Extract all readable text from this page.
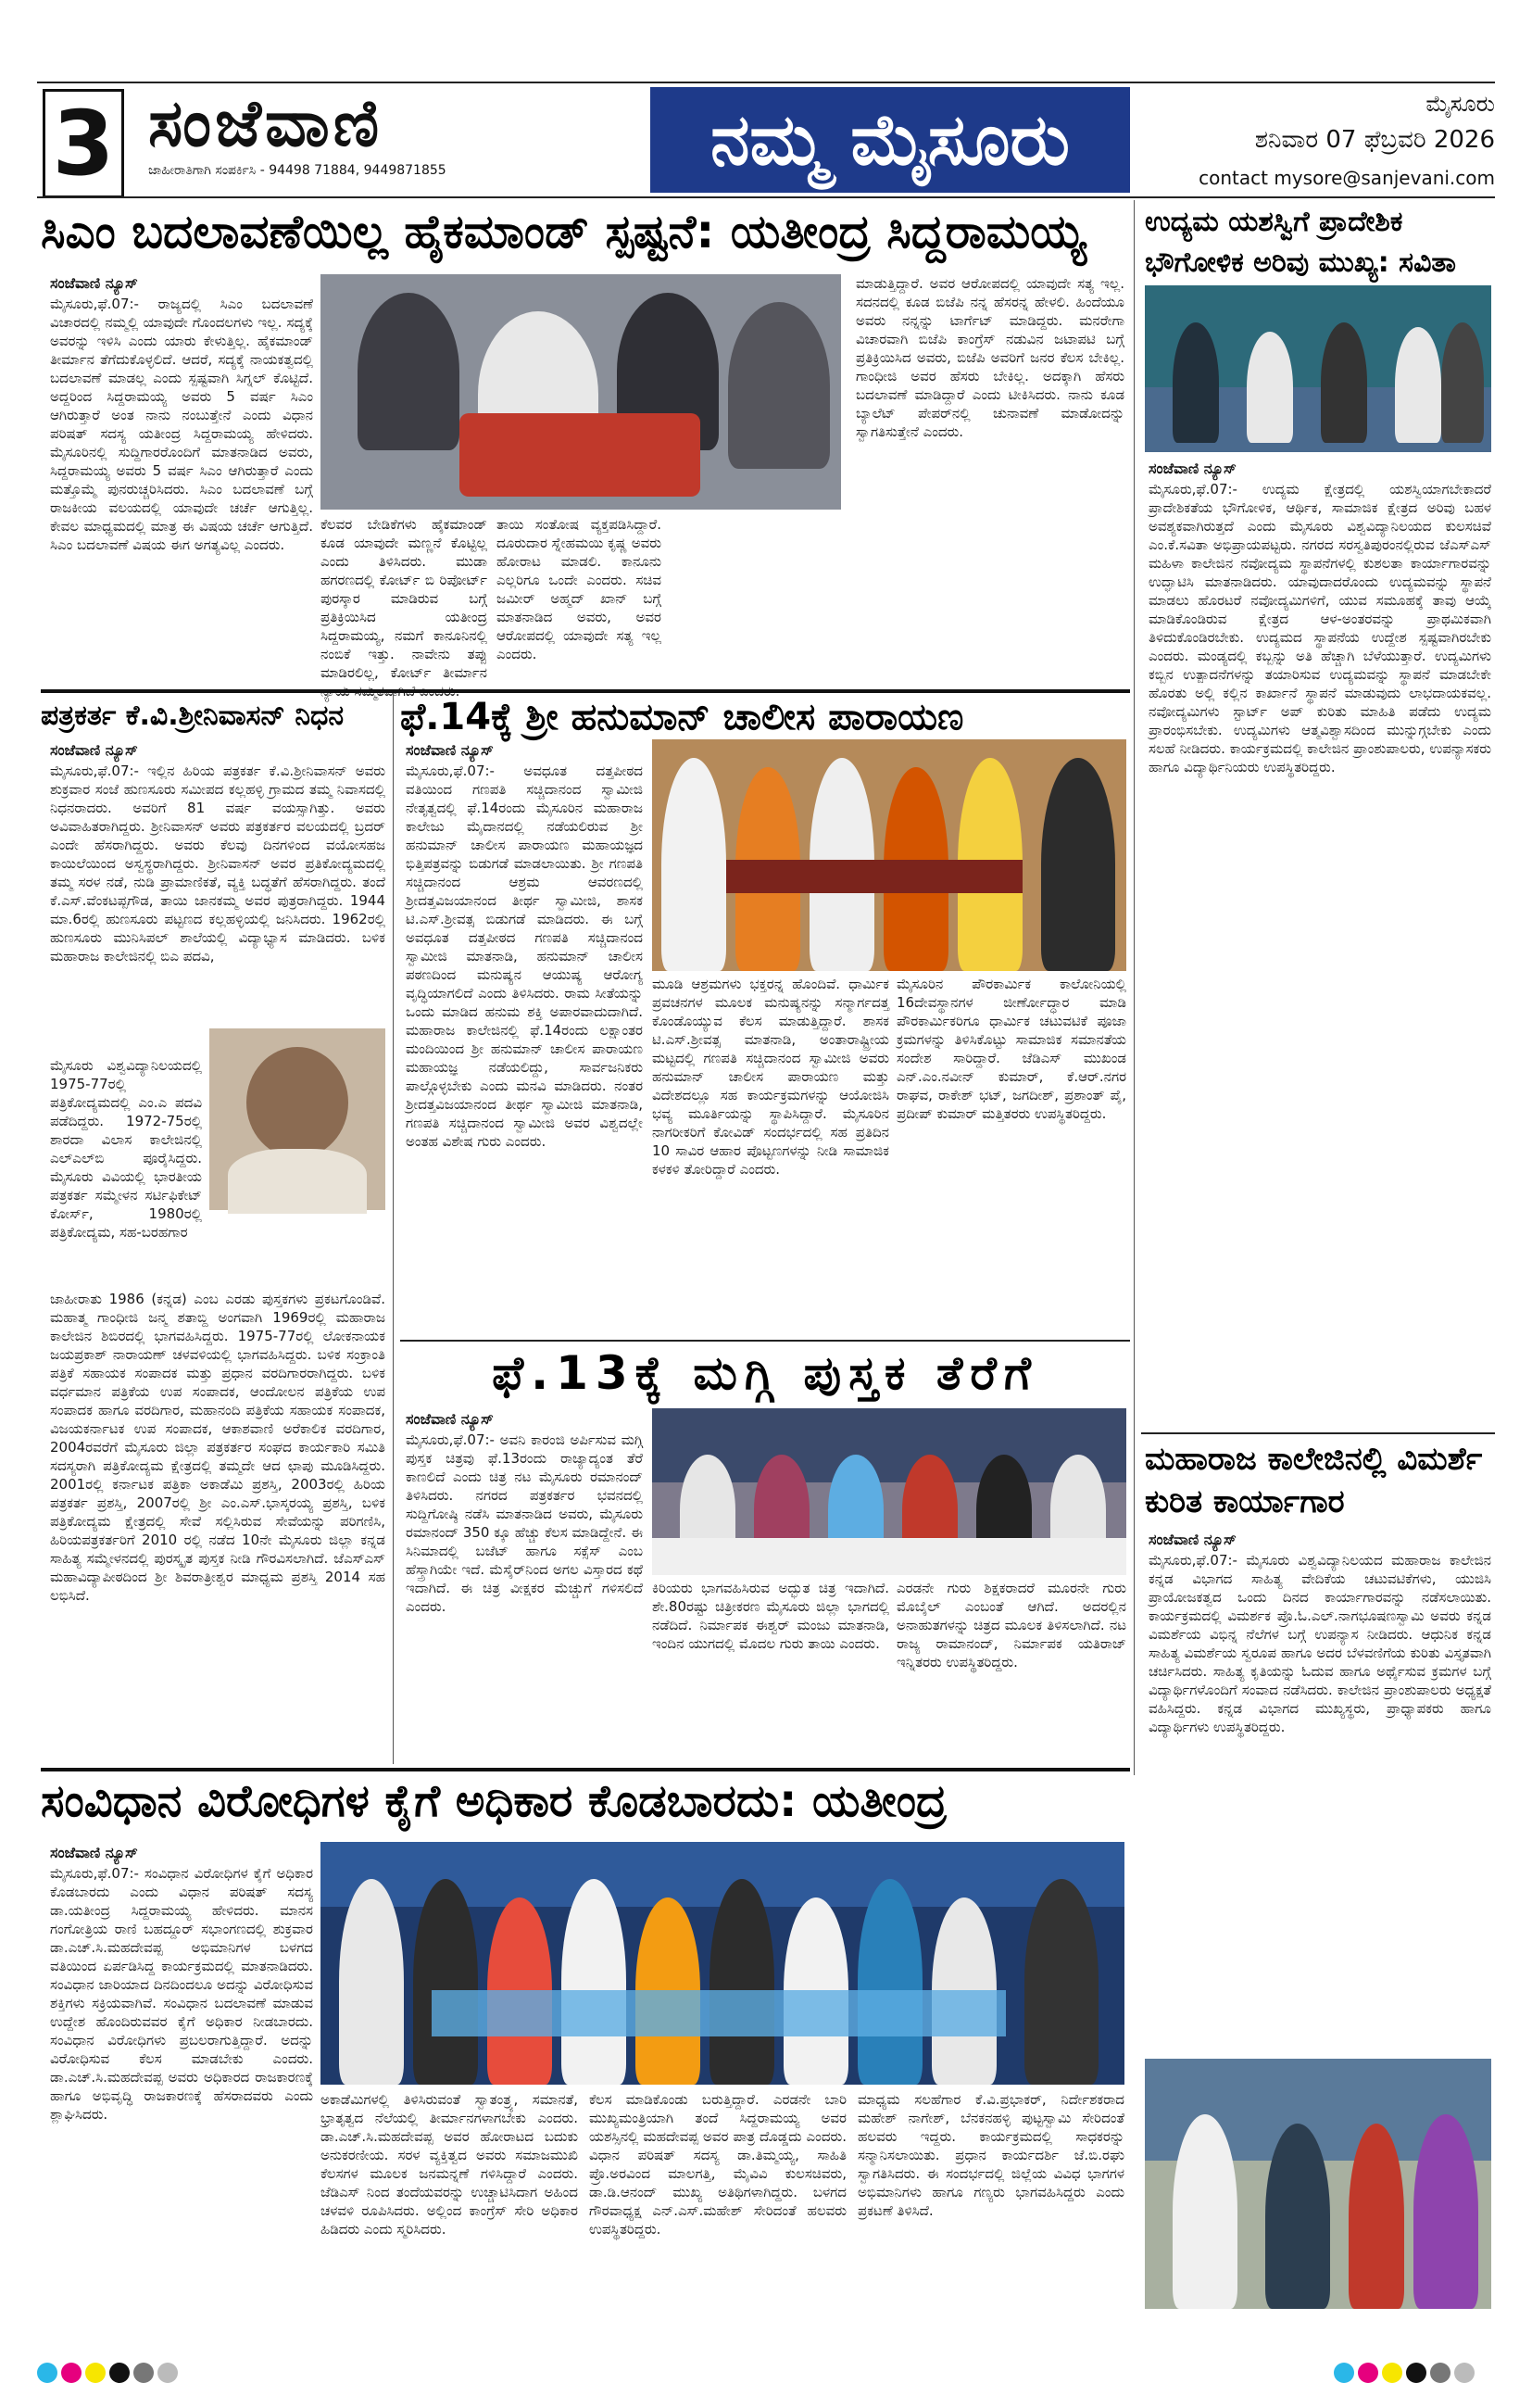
3 ಸಂಜೆವಾಣಿ
ಜಾಹೀರಾತಿಗಾಗಿ ಸಂಪರ್ಕಿಸಿ - 94498 71884, 9449871855	ನಮ್ಮ ಮೈಸೂರು	ಮೈಸೂರು
ಶನಿವಾರ 07 ಫೆಬ್ರವರಿ 2026
contact mysore@sanjevani.com
ಸಿಎಂ ಬದಲಾವಣೆಯಿಲ್ಲ ಹೈಕಮಾಂಡ್ ಸ್ಪಷ್ಟನೆ: ಯತೀಂದ್ರ ಸಿದ್ದರಾಮಯ್ಯ
ಸಂಜೆವಾಣಿ ನ್ಯೂಸ್
ಮೈಸೂರು,ಫೆ.07:- ರಾಜ್ಯದಲ್ಲಿ ಸಿಎಂ ಬದಲಾವಣೆ ವಿಚಾರದಲ್ಲಿ ನಮ್ಮಲ್ಲಿ ಯಾವುದೇ ಗೊಂದಲಗಳು ಇಲ್ಲ. ಸದ್ಯಕ್ಕೆ ಅವರನ್ನು ಇಳಿಸಿ ಎಂದು ಯಾರು ಕೇಳುತ್ತಿಲ್ಲ. ಹೈಕಮಾಂಡ್ ತೀರ್ಮಾನ ತೆಗೆದುಕೊಳ್ಳಲಿದೆ. ಆದರೆ, ಸದ್ಯಕ್ಕೆ ನಾಯಕತ್ವದಲ್ಲಿ ಬದಲಾವಣೆ ಮಾಡಲ್ಲ ಎಂದು ಸ್ಪಷ್ಟವಾಗಿ ಸಿಗ್ನಲ್ ಕೊಟ್ಟಿದೆ. ಅದ್ದರಿಂದ ಸಿದ್ದರಾಮಯ್ಯ ಅವರು 5 ವರ್ಷ ಸಿಎಂ ಆಗಿರುತ್ತಾರೆ ಅಂತ ನಾನು ನಂಬುತ್ತೇನೆ ಎಂದು ವಿಧಾನ ಪರಿಷತ್ ಸದಸ್ಯ ಯತೀಂದ್ರ ಸಿದ್ದರಾಮಯ್ಯ ಹೇಳಿದರು. ಮೈಸೂರಿನಲ್ಲಿ ಸುದ್ದಿಗಾರರೊಂದಿಗೆ ಮಾತನಾಡಿದ ಅವರು, ಸಿದ್ದರಾಮಯ್ಯ ಅವರು 5 ವರ್ಷ ಸಿಎಂ ಆಗಿರುತ್ತಾರೆ ಎಂದು ಮತ್ತೊಮ್ಮೆ ಪುನರುಚ್ಚರಿಸಿದರು. ಸಿಎಂ ಬದಲಾವಣೆ ಬಗ್ಗೆ ರಾಜಕೀಯ ವಲಯದಲ್ಲಿ ಯಾವುದೇ ಚರ್ಚೆ ಆಗುತ್ತಿಲ್ಲ. ಕೇವಲ ಮಾಧ್ಯಮದಲ್ಲಿ ಮಾತ್ರ ಈ ವಿಷಯ ಚರ್ಚೆ ಆಗುತ್ತಿದೆ. ಸಿಎಂ ಬದಲಾವಣೆ ವಿಷಯ ಈಗ ಅಗತ್ಯವಿಲ್ಲ ಎಂದರು.
ಕೆಲವರ ಬೇಡಿಕೆಗಳು ಹೈಕಮಾಂಡ್ ಕೂಡ ಯಾವುದೇ ಮಣ್ಣನೆ ಕೊಟ್ಟಿಲ್ಲ ಎಂದು ತಿಳಿಸಿದರು. ಮುಡಾ ಹಗರಣದಲ್ಲಿ ಕೋರ್ಟ್ ಬಿ ರಿಪೋರ್ಟ್ ಪುರಸ್ಕಾರ ಮಾಡಿರುವ ಬಗ್ಗೆ ಪ್ರತಿಕ್ರಿಯಿಸಿದ ಯತೀಂದ್ರ ಸಿದ್ದರಾಮಯ್ಯ, ನಮಗೆ ಕಾನೂನಿನಲ್ಲಿ ನಂಬಿಕೆ ಇತ್ತು. ನಾವೇನು ತಪ್ಪು ಮಾಡಿರಲಿಲ್ಲ, ಕೋರ್ಟ್ ತೀರ್ಮಾನ
ತಾಯಿ ಸಂತೋಷ ವ್ಯಕ್ತಪಡಿಸಿದ್ದಾರೆ. ದೂರುದಾರ ಸ್ನೇಹಮಯಿ ಕೃಷ್ಣ ಅವರು ಹೋರಾಟ ಮಾಡಲಿ. ಕಾನೂನು ಎಲ್ಲರಿಗೂ ಒಂದೇ ಎಂದರು. ಸಚಿವ ಜಮೀರ್ ಅಹ್ಮದ್ ಖಾನ್ ಬಗ್ಗೆ ಮಾತನಾಡಿದ ಅವರು, ಅವರ ಆರೋಪದಲ್ಲಿ ಯಾವುದೇ ಸತ್ಯ ಇಲ್ಲ ಎಂದರು.
ಮಾಡುತ್ತಿದ್ದಾರೆ. ಅವರ ಆರೋಪದಲ್ಲಿ ಯಾವುದೇ ಸತ್ಯ ಇಲ್ಲ. ಸದನದಲ್ಲಿ ಕೂಡ ಬಿಜೆಪಿ ನನ್ನ ಹೆಸರನ್ನ ಹೇಳಲಿ. ಹಿಂದೆಯೂ ಅವರು ನನ್ನನ್ನು ಟಾರ್ಗೆಟ್ ಮಾಡಿದ್ದರು. ಮನರೇಗಾ ವಿಚಾರವಾಗಿ ಬಿಜೆಪಿ ಕಾಂಗ್ರೆಸ್ ನಡುವಿನ ಜಟಾಪಟಿ ಬಗ್ಗೆ ಪ್ರತಿಕ್ರಿಯಿಸಿದ ಅವರು, ಬಿಜೆಪಿ ಅವರಿಗೆ ಜನರ ಕೆಲಸ ಬೇಕಿಲ್ಲ. ಗಾಂಧೀಜಿ ಅವರ ಹೆಸರು ಬೇಕಿಲ್ಲ. ಅದಕ್ಕಾಗಿ ಹೆಸರು ಬದಲಾವಣೆ ಮಾಡಿದ್ದಾರೆ ಎಂದು ಟೀಕಿಸಿದರು. ನಾನು ಕೂಡ ಬ್ಯಾಲೆಟ್ ಪೇಪರ್‌ನಲ್ಲಿ ಚುನಾವಣೆ ಮಾಡೋದನ್ನು ಸ್ವಾಗತಿಸುತ್ತೇನೆ ಎಂದರು.
ಉದ್ಯಮ ಯಶಸ್ವಿಗೆ ಪ್ರಾದೇಶಿಕ ಭೌಗೋಳಿಕ ಅರಿವು ಮುಖ್ಯ: ಸವಿತಾ
ಸಂಜೆವಾಣಿ ನ್ಯೂಸ್
ಮೈಸೂರು,ಫೆ.07:- ಉದ್ಯಮ ಕ್ಷೇತ್ರದಲ್ಲಿ ಯಶಸ್ವಿಯಾಗಬೇಕಾದರೆ ಪ್ರಾದೇಶಿಕತೆಯ ಭೌಗೋಳಿಕ, ಆರ್ಥಿಕ, ಸಾಮಾಜಿಕ ಕ್ಷೇತ್ರದ ಅರಿವು ಬಹಳ ಅವಶ್ಯಕವಾಗಿರುತ್ತದೆ ಎಂದು ಮೈಸೂರು ವಿಶ್ವವಿದ್ಯಾನಿಲಯದ ಕುಲಸಚಿವೆ ಎಂ.ಕೆ.ಸವಿತಾ ಅಭಿಪ್ರಾಯಪಟ್ಟರು. ನಗರದ ಸರಸ್ವತಿಪುರಂನಲ್ಲಿರುವ ಜೆಎಸ್‌ಎಸ್ ಮಹಿಳಾ ಕಾಲೇಜಿನ ನವೋದ್ಯಮ ಸ್ಥಾಪನೆಗಳಲ್ಲಿ ಕುಶಲತಾ ಕಾರ್ಯಾಗಾರವನ್ನು ಉದ್ಘಾಟಿಸಿ ಮಾತನಾಡಿದರು. ಯಾವುದಾದರೊಂದು ಉದ್ಯಮವನ್ನು ಸ್ಥಾಪನೆ ಮಾಡಲು ಹೊರಟರೆ ನವೋದ್ಯಮಿಗಳಿಗೆ, ಯುವ ಸಮೂಹಕ್ಕೆ ತಾವು ಆಯ್ಕೆ ಮಾಡಿಕೊಂಡಿರುವ ಕ್ಷೇತ್ರದ ಆಳ-ಅಂತರವನ್ನು ಪ್ರಾಥಮಿಕವಾಗಿ ತಿಳಿದುಕೊಂಡಿರಬೇಕು. ಉದ್ಯಮದ ಸ್ಥಾಪನೆಯ ಉದ್ದೇಶ ಸ್ಪಷ್ಟವಾಗಿರಬೇಕು ಎಂದರು. ಮಂಡ್ಯದಲ್ಲಿ ಕಬ್ಬನ್ನು ಅತಿ ಹೆಚ್ಚಾಗಿ ಬೆಳೆಯುತ್ತಾರೆ. ಉದ್ಯಮಿಗಳು ಕಬ್ಬಿನ ಉತ್ಪಾದನೆಗಳನ್ನು ತಯಾರಿಸುವ ಉದ್ಯಮವನ್ನು ಸ್ಥಾಪನೆ ಮಾಡಬೇಕೇ ಹೊರತು ಅಲ್ಲಿ ಕಲ್ಲಿನ ಕಾರ್ಖಾನೆ ಸ್ಥಾಪನೆ ಮಾಡುವುದು ಲಾಭದಾಯಕವಲ್ಲ. ನವೋದ್ಯಮಿಗಳು ಸ್ಟಾರ್ಟ್ ಅಪ್ ಕುರಿತು ಮಾಹಿತಿ ಪಡೆದು ಉದ್ಯಮ ಪ್ರಾರಂಭಿಸಬೇಕು. ಉದ್ಯಮಿಗಳು ಆತ್ಮವಿಶ್ವಾಸದಿಂದ ಮುನ್ನುಗ್ಗಬೇಕು ಎಂದು ಸಲಹೆ ನೀಡಿದರು. ಕಾರ್ಯಕ್ರಮದಲ್ಲಿ ಕಾಲೇಜಿನ ಪ್ರಾಂಶುಪಾಲರು, ಉಪನ್ಯಾಸಕರು ಹಾಗೂ ವಿದ್ಯಾರ್ಥಿನಿಯರು ಉಪಸ್ಥಿತರಿದ್ದರು.
ಪತ್ರಕರ್ತ ಕೆ.ವಿ.ಶ್ರೀನಿವಾಸನ್ ನಿಧನ
ಸಂಜೆವಾಣಿ ನ್ಯೂಸ್
ಮೈಸೂರು,ಫೆ.07:- ಇಲ್ಲಿನ ಹಿರಿಯ ಪತ್ರಕರ್ತ ಕೆ.ವಿ.ಶ್ರೀನಿವಾಸನ್ ಅವರು ಶುಕ್ರವಾರ ಸಂಜೆ ಹುಣಸೂರು ಸಮೀಪದ ಕಲ್ಲಹಳ್ಳಿ ಗ್ರಾಮದ ತಮ್ಮ ನಿವಾಸದಲ್ಲಿ ನಿಧನರಾದರು. ಅವರಿಗೆ 81 ವರ್ಷ ವಯಸ್ಸಾಗಿತ್ತು. ಅವರು ಅವಿವಾಹಿತರಾಗಿದ್ದರು. ಶ್ರೀನಿವಾಸನ್ ಅವರು ಪತ್ರಕರ್ತರ ವಲಯದಲ್ಲಿ ಬ್ರದರ್ ಎಂದೇ ಹೆಸರಾಗಿದ್ದರು. ಅವರು ಕೆಲವು ದಿನಗಳಿಂದ ವಯೋಸಹಜ ಕಾಯಿಲೆಯಿಂದ ಅಸ್ವಸ್ಥರಾಗಿದ್ದರು. ಶ್ರೀನಿವಾಸನ್ ಅವರ ಪ್ರತಿಕೋದ್ಯಮದಲ್ಲಿ ತಮ್ಮ ಸರಳ ನಡೆ, ನುಡಿ ಪ್ರಾಮಾಣಿಕತೆ, ವ್ಯಕ್ತಿ ಬದ್ಧತೆಗೆ ಹೆಸರಾಗಿದ್ದರು. ತಂದೆ ಕೆ.ಎಸ್.ವೆಂಕಟಪ್ಪಗೌಡ, ತಾಯಿ ಜಾನಕಮ್ಮ ಅವರ ಪುತ್ರರಾಗಿದ್ದರು. 1944 ಮಾ.6ರಲ್ಲಿ ಹುಣಸೂರು ಪಟ್ಟಣದ ಕಲ್ಲಹಳ್ಳಿಯಲ್ಲಿ ಜನಿಸಿದರು. 1962ರಲ್ಲಿ ಹುಣಸೂರು ಮುನಿಸಿಪಲ್ ಶಾಲೆಯಲ್ಲಿ ವಿದ್ಯಾಭ್ಯಾಸ ಮಾಡಿದರು. ಬಳಿಕ ಮಹಾರಾಜ ಕಾಲೇಜಿನಲ್ಲಿ ಬಿಎ ಪದವಿ,
ಮೈಸೂರು ವಿಶ್ವವಿದ್ಯಾನಿಲಯದಲ್ಲಿ 1975-77ರಲ್ಲಿ ಪತ್ರಿಕೋದ್ಯಮದಲ್ಲಿ ಎಂ.ಎ ಪದವಿ ಪಡೆದಿದ್ದರು. 1972-75ರಲ್ಲಿ ಶಾರದಾ ವಿಲಾಸ ಕಾಲೇಜಿನಲ್ಲಿ ಎಲ್‌ಎಲ್‌ಬಿ ಪೂರೈಸಿದ್ದರು. ಮೈಸೂರು ವಿವಿಯಲ್ಲಿ ಭಾರತೀಯ ಪತ್ರಕರ್ತ ಸಮ್ಮೇಳನ ಸರ್ಟಿಫಿಕೇಟ್ ಕೋರ್ಸ್, 1980ರಲ್ಲಿ ಪತ್ರಿಕೋದ್ಯಮ, ಸಹ-ಬರಹಗಾರ
ಜಾಹೀರಾತು 1986 (ಕನ್ನಡ) ಎಂಬ ಎರಡು ಪುಸ್ತಕಗಳು ಪ್ರಕಟಗೊಂಡಿವೆ. ಮಹಾತ್ಮ ಗಾಂಧೀಜಿ ಜನ್ಮ ಶತಾಬ್ದಿ ಅಂಗವಾಗಿ 1969ರಲ್ಲಿ ಮಹಾರಾಜ ಕಾಲೇಜಿನ ಶಿಬಿರದಲ್ಲಿ ಭಾಗವಹಿಸಿದ್ದರು. 1975-77ರಲ್ಲಿ ಲೋಕನಾಯಕ ಜಯಪ್ರಕಾಶ್ ನಾರಾಯಣ್ ಚಳವಳಿಯಲ್ಲಿ ಭಾಗವಹಿಸಿದ್ದರು. ಬಳಿಕ ಸಂಕ್ರಾಂತಿ ಪತ್ರಿಕೆ ಸಹಾಯಕ ಸಂಪಾದಕ ಮತ್ತು ಪ್ರಧಾನ ವರದಿಗಾರರಾಗಿದ್ದರು. ಬಳಿಕ ವರ್ಧಮಾನ ಪತ್ರಿಕೆಯ ಉಪ ಸಂಪಾದಕ, ಆಂದೋಲನ ಪತ್ರಿಕೆಯ ಉಪ ಸಂಪಾದಕ ಹಾಗೂ ವರದಿಗಾರ, ಮಹಾನಂದಿ ಪತ್ರಿಕೆಯ ಸಹಾಯಕ ಸಂಪಾದಕ, ವಿಜಯಕರ್ನಾಟಕ ಉಪ ಸಂಪಾದಕ, ಆಕಾಶವಾಣಿ ಅರೆಕಾಲಿಕ ವರದಿಗಾರ, 2004ರವರೆಗೆ ಮೈಸೂರು ಜಿಲ್ಲಾ ಪತ್ರಕರ್ತರ ಸಂಘದ ಕಾರ್ಯಕಾರಿ ಸಮಿತಿ ಸದಸ್ಯರಾಗಿ ಪತ್ರಿಕೋದ್ಯಮ ಕ್ಷೇತ್ರದಲ್ಲಿ ತಮ್ಮದೇ ಆದ ಛಾಪು ಮೂಡಿಸಿದ್ದರು. 2001ರಲ್ಲಿ ಕರ್ನಾಟಕ ಪತ್ರಿಕಾ ಅಕಾಡೆಮಿ ಪ್ರಶಸ್ತಿ, 2003ರಲ್ಲಿ ಹಿರಿಯ ಪತ್ರಕರ್ತ ಪ್ರಶಸ್ತಿ, 2007ರಲ್ಲಿ ಶ್ರೀ ಎಂ.ಎಸ್.ಭಾಸ್ಕರಯ್ಯ ಪ್ರಶಸ್ತಿ, ಬಳಿಕ ಪತ್ರಿಕೋದ್ಯಮ ಕ್ಷೇತ್ರದಲ್ಲಿ ಸೇವೆ ಸಲ್ಲಿಸಿರುವ ಸೇವೆಯನ್ನು ಪರಿಗಣಿಸಿ, ಹಿರಿಯಪತ್ರಕರ್ತರಿಗೆ 2010 ರಲ್ಲಿ ನಡೆದ 10ನೇ ಮೈಸೂರು ಜಿಲ್ಲಾ ಕನ್ನಡ ಸಾಹಿತ್ಯ ಸಮ್ಮೇಳನದಲ್ಲಿ ಪುರಸ್ಕೃತ ಪುಸ್ತಕ ನೀಡಿ ಗೌರವಿಸಲಾಗಿದೆ. ಜೆಎಸ್‌ಎಸ್ ಮಹಾವಿದ್ಯಾಪೀಠದಿಂದ ಶ್ರೀ ಶಿವರಾತ್ರೀಶ್ವರ ಮಾಧ್ಯಮ ಪ್ರಶಸ್ತಿ 2014 ಸಹ ಲಭಿಸಿದೆ.
ಫೆ.14ಕ್ಕೆ ಶ್ರೀ ಹನುಮಾನ್ ಚಾಲೀಸ ಪಾರಾಯಣ
ಸಂಜೆವಾಣಿ ನ್ಯೂಸ್
ಮೈಸೂರು,ಫೆ.07:- ಅವಧೂತ ದತ್ತಪೀಠದ ವತಿಯಿಂದ ಗಣಪತಿ ಸಚ್ಚಿದಾನಂದ ಸ್ವಾಮೀಜಿ ನೇತೃತ್ವದಲ್ಲಿ ಫೆ.14ರಂದು ಮೈಸೂರಿನ ಮಹಾರಾಜ ಕಾಲೇಜು ಮೈದಾನದಲ್ಲಿ ನಡೆಯಲಿರುವ ಶ್ರೀ ಹನುಮಾನ್ ಚಾಲೀಸ ಪಾರಾಯಣ ಮಹಾಯಜ್ಞದ ಭಿತ್ತಿಪತ್ರವನ್ನು ಬಿಡುಗಡೆ ಮಾಡಲಾಯಿತು. ಶ್ರೀ ಗಣಪತಿ ಸಚ್ಚಿದಾನಂದ ಆಶ್ರಮ ಆವರಣದಲ್ಲಿ ಶ್ರೀದತ್ತವಿಜಯಾನಂದ ತೀರ್ಥ ಸ್ವಾಮೀಜಿ, ಶಾಸಕ ಟಿ.ಎಸ್.ಶ್ರೀವತ್ಸ ಬಿಡುಗಡೆ ಮಾಡಿದರು. ಈ ಬಗ್ಗೆ ಅವಧೂತ ದತ್ತಪೀಠದ ಗಣಪತಿ ಸಚ್ಚಿದಾನಂದ ಸ್ವಾಮೀಜಿ ಮಾತನಾಡಿ, ಹನುಮಾನ್ ಚಾಲೀಸ ಪಠಣದಿಂದ ಮನುಷ್ಯನ ಆಯುಷ್ಯ ಆರೋಗ್ಯ ವೃದ್ಧಿಯಾಗಲಿದೆ ಎಂದು ತಿಳಿಸಿದರು. ರಾಮ ಸೀತೆಯನ್ನು ಒಂದು ಮಾಡಿದ ಹನುಮ ಶಕ್ತಿ ಅಪಾರವಾದುದಾಗಿದೆ. ಮಹಾರಾಜ ಕಾಲೇಜಿನಲ್ಲಿ ಫೆ.14ರಂದು ಲಕ್ಷಾಂತರ ಮಂದಿಯಿಂದ ಶ್ರೀ ಹನುಮಾನ್ ಚಾಲೀಸ ಪಾರಾಯಣ ಮಹಾಯಜ್ಞ ನಡೆಯಲಿದ್ದು, ಸಾರ್ವಜನಿಕರು ಪಾಲ್ಗೊಳ್ಳಬೇಕು ಎಂದು ಮನವಿ ಮಾಡಿದರು. ನಂತರ ಶ್ರೀದತ್ತವಿಜಯಾನಂದ ತೀರ್ಥ ಸ್ವಾಮೀಜಿ ಮಾತನಾಡಿ, ಗಣಪತಿ ಸಚ್ಚಿದಾನಂದ ಸ್ವಾಮೀಜಿ ಅವರ ವಿಶ್ವದಲ್ಲೇ ಅಂತಹ ವಿಶೇಷ ಗುರು ಎಂದರು.
ಮೂಡಿ ಆಶ್ರಮಗಳು ಭಕ್ತರನ್ನ ಹೊಂದಿವೆ. ಧಾರ್ಮಿಕ ಪ್ರವಚನಗಳ ಮೂಲಕ ಮನುಷ್ಯನನ್ನು ಸನ್ಮಾರ್ಗದತ್ತ ಕೊಂಡೊಯ್ಯುವ ಕೆಲಸ ಮಾಡುತ್ತಿದ್ದಾರೆ. ಶಾಸಕ ಟಿ.ಎಸ್.ಶ್ರೀವತ್ಸ ಮಾತನಾಡಿ, ಅಂತಾರಾಷ್ಟ್ರೀಯ ಮಟ್ಟದಲ್ಲಿ ಗಣಪತಿ ಸಚ್ಚಿದಾನಂದ ಸ್ವಾಮೀಜಿ ಅವರು ಹನುಮಾನ್ ಚಾಲೀಸ ಪಾರಾಯಣ ಮತ್ತು ವಿದೇಶದಲ್ಲೂ ಸಹ ಕಾರ್ಯಕ್ರಮಗಳನ್ನು ಆಯೋಜಿಸಿ ಭವ್ಯ ಮೂರ್ತಿಯನ್ನು ಸ್ಥಾಪಿಸಿದ್ದಾರೆ. ಮೈಸೂರಿನ ನಾಗರೀಕರಿಗೆ ಕೋವಿಡ್ ಸಂದರ್ಭದಲ್ಲಿ ಸಹ ಪ್ರತಿದಿನ 10 ಸಾವಿರ ಆಹಾರ ಪೊಟ್ಟಣಗಳನ್ನು ನೀಡಿ ಸಾಮಾಜಿಕ ಕಳಕಳಿ ತೋರಿದ್ದಾರೆ ಎಂದರು.
ಮೈಸೂರಿನ ಪೌರಕಾರ್ಮಿಕ ಕಾಲೋನಿಯಲ್ಲಿ 16ದೇವಸ್ಥಾನಗಳ ಜೀರ್ಣೋದ್ಧಾರ ಮಾಡಿ ಪೌರಕಾರ್ಮಿಕರಿಗೂ ಧಾರ್ಮಿಕ ಚಟುವಟಿಕೆ ಪೂಜಾ ಕ್ರಮಗಳನ್ನು ತಿಳಿಸಿಕೊಟ್ಟು ಸಾಮಾಜಿಕ ಸಮಾನತೆಯ ಸಂದೇಶ ಸಾರಿದ್ದಾರೆ. ಜೆಡಿಎಸ್ ಮುಖಂಡ ಎನ್.ಎಂ.ನವೀನ್ ಕುಮಾರ್, ಕೆ.ಆರ್.ನಗರ ರಾಘವ, ರಾಕೇಶ್ ಭಟ್, ಜಗದೀಶ್, ಪ್ರಶಾಂತ್ ಪೈ, ಪ್ರದೀಪ್ ಕುಮಾರ್ ಮತ್ತಿತರರು ಉಪಸ್ಥಿತರಿದ್ದರು.
ಫೆ.13ಕ್ಕೆ ಮಗ್ಗಿ ಪುಸ್ತಕ ತೆರೆಗೆ
ಸಂಜೆವಾಣಿ ನ್ಯೂಸ್
ಮೈಸೂರು,ಫೆ.07:- ಅವನಿ ಕಾರಂಜಿ ಅರ್ಪಿಸುವ ಮಗ್ಗಿ ಪುಸ್ತಕ ಚಿತ್ರವು ಫೆ.13ರಂದು ರಾಜ್ಯಾದ್ಯಂತ ತೆರೆ ಕಾಣಲಿದೆ ಎಂದು ಚಿತ್ರ ನಟ ಮೈಸೂರು ರಮಾನಂದ್ ತಿಳಿಸಿದರು. ನಗರದ ಪತ್ರಕರ್ತರ ಭವನದಲ್ಲಿ ಸುದ್ದಿಗೋಷ್ಠಿ ನಡೆಸಿ ಮಾತನಾಡಿದ ಅವರು, ಮೈಸೂರು ರಮಾನಂದ್ 350 ಕ್ಕೂ ಹೆಚ್ಚು ಕೆಲಸ ಮಾಡಿದ್ದೇನೆ. ಈ ಸಿನಿಮಾದಲ್ಲಿ ಬಜೆಟ್ ಹಾಗೂ ಸಕ್ಸೆಸ್ ಎಂಬ ಹೆಸ್ತ್ರಾಗಿಯೇ ಇದೆ. ಮೆಸೈರ್‌ನಿಂದ ಅಗಲ ವಿಸ್ತಾರದ ಕಥೆ ಇದಾಗಿದೆ. ಈ ಚಿತ್ರ ವೀಕ್ಷಕರ ಮೆಚ್ಚುಗೆ ಗಳಿಸಲಿದೆ ಎಂದರು.
ಕಿರಿಯರು ಭಾಗವಹಿಸಿರುವ ಅದ್ಭುತ ಚಿತ್ರ ಇದಾಗಿದೆ. ಶೇ.80ರಷ್ಟು ಚಿತ್ರೀಕರಣ ಮೈಸೂರು ಜಿಲ್ಲಾ ಭಾಗದಲ್ಲಿ ನಡೆದಿದೆ. ನಿರ್ಮಾಪಕ ಈಶ್ವರ್ ಮಂಜು ಮಾತನಾಡಿ, ಇಂದಿನ ಯುಗದಲ್ಲಿ ಮೊದಲ ಗುರು ತಾಯಿ ಎಂದರು.
ಎರಡನೇ ಗುರು ಶಿಕ್ಷಕರಾದರೆ ಮೂರನೇ ಗುರು ಮೊಬೈಲ್ ಎಂಬಂತೆ ಆಗಿದೆ. ಅದರಲ್ಲಿನ ಅನಾಹುತಗಳನ್ನು ಚಿತ್ರದ ಮೂಲಕ ತಿಳಿಸಲಾಗಿದೆ. ನಟ ರಾಜ್ಯ ರಾಮಾನಂದ್, ನಿರ್ಮಾಪಕ ಯತಿರಾಜ್ ಇನ್ನಿತರರು ಉಪಸ್ಥಿತರಿದ್ದರು.
ಮಹಾರಾಜ ಕಾಲೇಜಿನಲ್ಲಿ ವಿಮರ್ಶೆ ಕುರಿತ ಕಾರ್ಯಾಗಾರ
ಸಂಜೆವಾಣಿ ನ್ಯೂಸ್
ಮೈಸೂರು,ಫೆ.07:- ಮೈಸೂರು ವಿಶ್ವವಿದ್ಯಾನಿಲಯದ ಮಹಾರಾಜ ಕಾಲೇಜಿನ ಕನ್ನಡ ವಿಭಾಗದ ಸಾಹಿತ್ಯ ವೇದಿಕೆಯ ಚಟುವಟಿಕೆಗಳು, ಯುಜಿಸಿ ಪ್ರಾಯೋಜಕತ್ವದ ಒಂದು ದಿನದ ಕಾರ್ಯಾಗಾರವನ್ನು ನಡೆಸಲಾಯಿತು. ಕಾರ್ಯಕ್ರಮದಲ್ಲಿ ವಿಮರ್ಶಕ ಪ್ರೊ.ಓ.ಎಲ್.ನಾಗಭೂಷಣಸ್ವಾಮಿ ಅವರು ಕನ್ನಡ ವಿಮರ್ಶೆಯ ವಿಭಿನ್ನ ನೆಲೆಗಳ ಬಗ್ಗೆ ಉಪನ್ಯಾಸ ನೀಡಿದರು. ಆಧುನಿಕ ಕನ್ನಡ ಸಾಹಿತ್ಯ ವಿಮರ್ಶೆಯ ಸ್ವರೂಪ ಹಾಗೂ ಅದರ ಬೆಳವಣಿಗೆಯ ಕುರಿತು ವಿಸ್ತೃತವಾಗಿ ಚರ್ಚಿಸಿದರು. ಸಾಹಿತ್ಯ ಕೃತಿಯನ್ನು ಓದುವ ಹಾಗೂ ಅರ್ಥೈಸುವ ಕ್ರಮಗಳ ಬಗ್ಗೆ ವಿದ್ಯಾರ್ಥಿಗಳೊಂದಿಗೆ ಸಂವಾದ ನಡೆಸಿದರು. ಕಾಲೇಜಿನ ಪ್ರಾಂಶುಪಾಲರು ಅಧ್ಯಕ್ಷತೆ ವಹಿಸಿದ್ದರು. ಕನ್ನಡ ವಿಭಾಗದ ಮುಖ್ಯಸ್ಥರು, ಪ್ರಾಧ್ಯಾಪಕರು ಹಾಗೂ ವಿದ್ಯಾರ್ಥಿಗಳು ಉಪಸ್ಥಿತರಿದ್ದರು.
ಸಂವಿಧಾನ ವಿರೋಧಿಗಳ ಕೈಗೆ ಅಧಿಕಾರ ಕೊಡಬಾರದು: ಯತೀಂದ್ರ
ಸಂಜೆವಾಣಿ ನ್ಯೂಸ್
ಮೈಸೂರು,ಫೆ.07:- ಸಂವಿಧಾನ ವಿರೋಧಿಗಳ ಕೈಗೆ ಅಧಿಕಾರ ಕೊಡಬಾರದು ಎಂದು ವಿಧಾನ ಪರಿಷತ್ ಸದಸ್ಯ ಡಾ.ಯತೀಂದ್ರ ಸಿದ್ದರಾಮಯ್ಯ ಹೇಳಿದರು. ಮಾನಸ ಗಂಗೋತ್ರಿಯ ರಾಣಿ ಬಹದ್ದೂರ್ ಸಭಾಂಗಣದಲ್ಲಿ ಶುಕ್ರವಾರ ಡಾ.ಎಚ್.ಸಿ.ಮಹದೇವಪ್ಪ ಅಭಿಮಾನಿಗಳ ಬಳಗದ ವತಿಯಿಂದ ಏರ್ಪಡಿಸಿದ್ದ ಕಾರ್ಯಕ್ರಮದಲ್ಲಿ ಮಾತನಾಡಿದರು. ಸಂವಿಧಾನ ಜಾರಿಯಾದ ದಿನದಿಂದಲೂ ಅದನ್ನು ವಿರೋಧಿಸುವ ಶಕ್ತಿಗಳು ಸಕ್ರಿಯವಾಗಿವೆ. ಸಂವಿಧಾನ ಬದಲಾವಣೆ ಮಾಡುವ ಉದ್ದೇಶ ಹೊಂದಿರುವವರ ಕೈಗೆ ಅಧಿಕಾರ ನೀಡಬಾರದು. ಸಂವಿಧಾನ ವಿರೋಧಿಗಳು ಪ್ರಬಲರಾಗುತ್ತಿದ್ದಾರೆ. ಅದನ್ನು ವಿರೋಧಿಸುವ ಕೆಲಸ ಮಾಡಬೇಕು ಎಂದರು. ಡಾ.ಎಚ್.ಸಿ.ಮಹದೇವಪ್ಪ ಅವರು ಅಧಿಕಾರದ ರಾಜಕಾರಣಕ್ಕೆ ಹಾಗೂ ಅಭಿವೃದ್ಧಿ ರಾಜಕಾರಣಕ್ಕೆ ಹೆಸರಾದವರು ಎಂದು ಶ್ಲಾಘಿಸಿದರು.
ಅಕಾಡೆಮಿಗಳಲ್ಲಿ ತಿಳಿಸಿರುವಂತೆ ಸ್ವಾತಂತ್ರ್ಯ, ಸಮಾನತೆ, ಭ್ರಾತೃತ್ವದ ನೆಲೆಯಲ್ಲಿ ತೀರ್ಮಾನಗಳಾಗಬೇಕು ಎಂದರು. ಡಾ.ಎಚ್.ಸಿ.ಮಹದೇವಪ್ಪ ಅವರ ಹೋರಾಟದ ಬದುಕು ಅನುಕರಣೀಯ. ಸರಳ ವ್ಯಕ್ತಿತ್ವದ ಅವರು ಸಮಾಜಮುಖಿ ಕೆಲಸಗಳ ಮೂಲಕ ಜನಮನ್ನಣೆ ಗಳಿಸಿದ್ದಾರೆ ಎಂದರು. ಜೆಡಿಎಸ್ ನಿಂದ ತಂದೆಯವರನ್ನು ಉಚ್ಚಾಟಿಸಿದಾಗ ಅಹಿಂದ ಚಳವಳಿ ರೂಪಿಸಿದರು. ಅಲ್ಲಿಂದ ಕಾಂಗ್ರೆಸ್ ಸೇರಿ ಅಧಿಕಾರ ಹಿಡಿದರು ಎಂದು ಸ್ಮರಿಸಿದರು.
ಕೆಲಸ ಮಾಡಿಕೊಂಡು ಬರುತ್ತಿದ್ದಾರೆ. ಎರಡನೇ ಬಾರಿ ಮುಖ್ಯಮಂತ್ರಿಯಾಗಿ ತಂದೆ ಸಿದ್ದರಾಮಯ್ಯ ಅವರ ಯಶಸ್ಸಿನಲ್ಲಿ ಮಹದೇವಪ್ಪ ಅವರ ಪಾತ್ರ ದೊಡ್ಡದು ಎಂದರು. ವಿಧಾನ ಪರಿಷತ್ ಸದಸ್ಯ ಡಾ.ತಿಮ್ಮಯ್ಯ, ಸಾಹಿತಿ ಪ್ರೊ.ಅರವಿಂದ ಮಾಲಗತ್ತಿ, ಮೈವಿವಿ ಕುಲಸಚಿವರು, ಡಾ.ಡಿ.ಆನಂದ್ ಮುಖ್ಯ ಅತಿಥಿಗಳಾಗಿದ್ದರು. ಬಳಗದ ಗೌರವಾಧ್ಯಕ್ಷ ಎನ್.ಎಸ್.ಮಹೇಶ್ ಸೇರಿದಂತೆ ಹಲವರು ಉಪಸ್ಥಿತರಿದ್ದರು.
ಮಾಧ್ಯಮ ಸಲಹೆಗಾರ ಕೆ.ವಿ.ಪ್ರಭಾಕರ್, ನಿರ್ದೇಶಕರಾದ ಮಹೇಶ್ ನಾಗೇಶ್, ಬೆನಕನಹಳ್ಳಿ ಪುಟ್ಟಸ್ವಾಮಿ ಸೇರಿದಂತೆ ಹಲವರು ಇದ್ದರು. ಕಾರ್ಯಕ್ರಮದಲ್ಲಿ ಸಾಧಕರನ್ನು ಸನ್ಮಾನಿಸಲಾಯಿತು. ಪ್ರಧಾನ ಕಾರ್ಯದರ್ಶಿ ಜೆ.ಬಿ.ರಘು ಸ್ವಾಗತಿಸಿದರು. ಈ ಸಂದರ್ಭದಲ್ಲಿ ಜಿಲ್ಲೆಯ ವಿವಿಧ ಭಾಗಗಳ ಅಭಿಮಾನಿಗಳು ಹಾಗೂ ಗಣ್ಯರು ಭಾಗವಹಿಸಿದ್ದರು ಎಂದು ಪ್ರಕಟಣೆ ತಿಳಿಸಿದೆ.
